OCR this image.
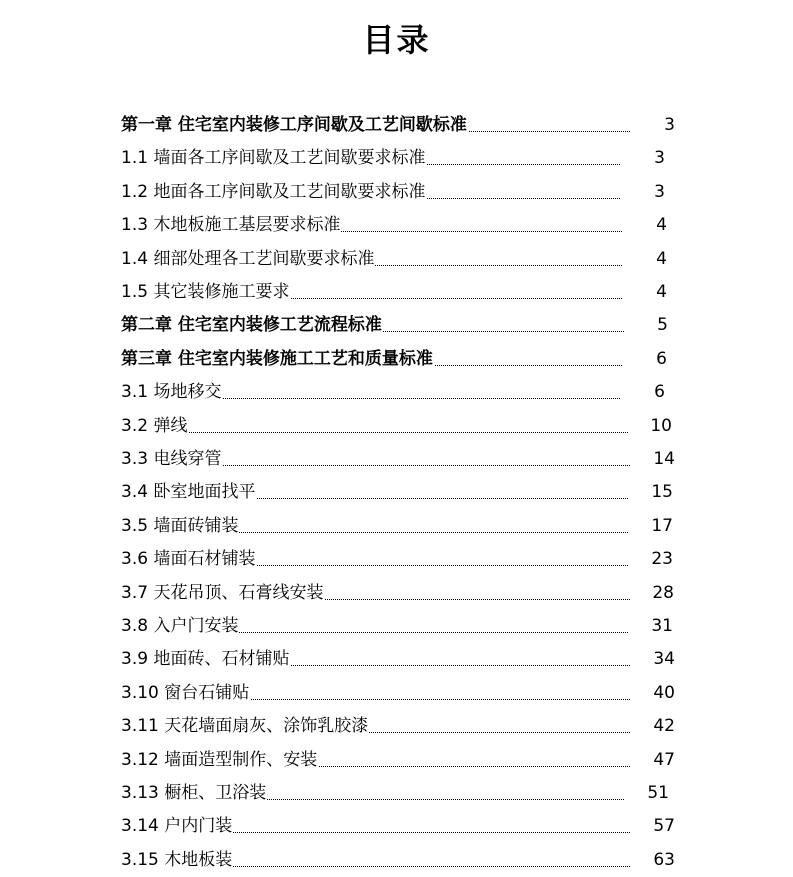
目录
第一章 住宅室内装修工序间歇及工艺间歇标准	3
1.1 墙面各工序间歇及工艺间歇要求标准	3
1.2 地面各工序间歇及工艺间歇要求标准	3
1.3 木地板施工基层要求标准	4
1.4 细部处理各工艺间歇要求标准	4
1.5 其它装修施工要求	4
第二章 住宅室内装修工艺流程标准	5
第三章 住宅室内装修施工工艺和质量标准	6
3.1 场地移交	6
3.2 弹线	10
3.3 电线穿管	14
3.4 卧室地面找平	15
3.5 墙面砖铺装	17
3.6 墙面石材铺装	23
3.7 天花吊顶、石膏线安装	28
3.8 入户门安装	31
3.9 地面砖、石材铺贴	34
3.10 窗台石铺贴	40
3.11 天花墙面扇灰、涂饰乳胶漆	42
3.12 墙面造型制作、安装	47
3.13 橱柜、卫浴装	51
3.14 户内门装	57
3.15 木地板装	63
